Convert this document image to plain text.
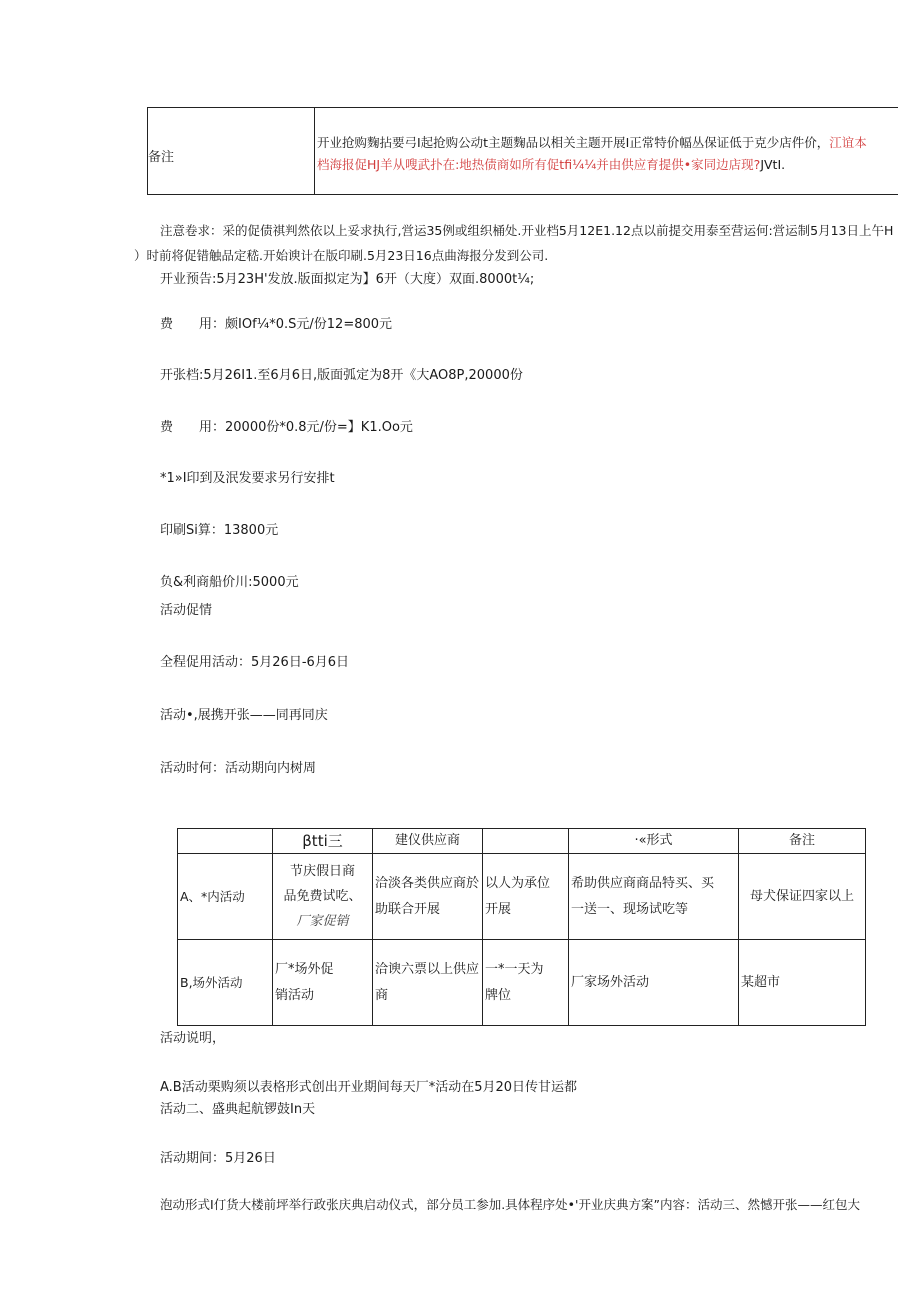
备注
开业抢购麴拈要弓I起抢购公动t主题麴品以相关主题开展I正常特价幅丛保证低于克少店件价，江谊本
档海报促HJ羊从嗖武扑在:地热债商如所有促tfi¼¼并由供应育提供•家同边店现?JVtI.
注意卷求：采的促债祺判然依以上妥求执行,営运35例或组织桶处.开业档5月12E1.12点以前提交用泰至营运何:営运制5月13日上午H
）时前将促错触品定嵇.开始谀计在版印刷.5月23日16点曲海报分发到公司.
开业预告:5月23H'发放.版面拟定为】6开（大度）双面.8000t¼;
费　　用：颇IOf¼*0.S元/份12=800元
开张档:5月26I1.至6月6日,版面弧定为8开《大AO8P,20000份
费　　用：20000份*0.8元/份=】K1.Oo元
*1»I印到及泯发要求另行安排t
印刷Si算：13800元
负&利商船价川:5000元
活动促情
全程促用活动：5月26日-6月6日
活动•,展携开张——同再同庆
活动时何：活动期向内树周
	βtti三	建仪供应商		·«形式	备注
A、*内活动	节庆假日商
品免费试吃、
厂家促销	洽淡各类供应商於
助联合开展	以人为承位
开展	希助供应商商品特买、买
一送一、现场试吃等	母犬保证四家以上
B,场外活动	厂*场外促
销活动	洽谀六票以上供应
商	一*一天为
牌位	厂家场外活动	某超市
活动说明，
A.B活动栗购须以表格形式创出开业期间每天厂*活动在5月20日传甘运都
活动二、盛典起航锣鼓In天
活动期间：5月26日
泡动形式I仃货大楼前坪举行政张庆典启动仪式，部分员工参加.具体程序处•'开业庆典方案”内容：活动三、然憾开张——红包大
